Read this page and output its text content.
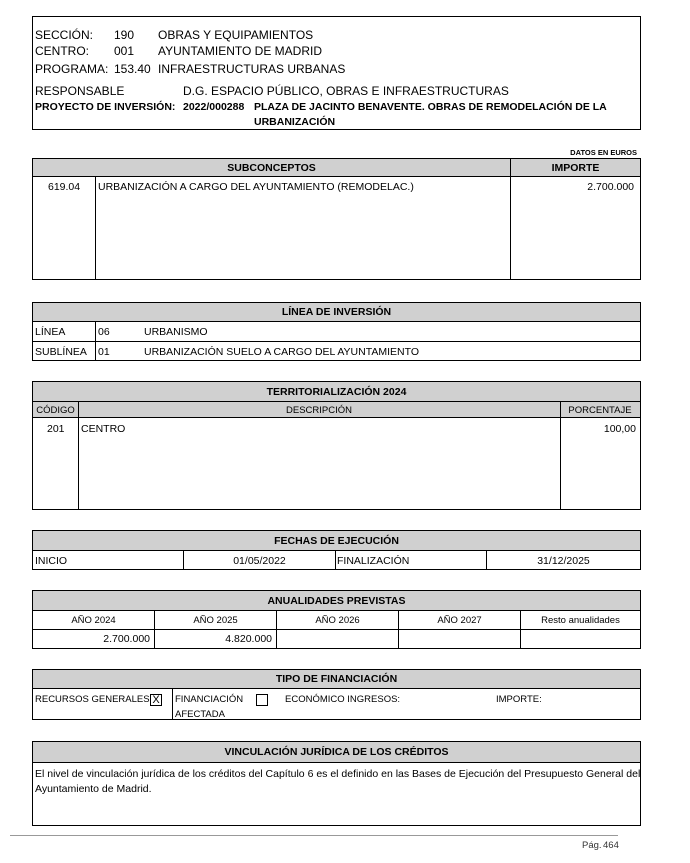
SECCIÓN: 190 OBRAS Y EQUIPAMIENTOS
CENTRO: 001 AYUNTAMIENTO DE MADRID
PROGRAMA: 153.40 INFRAESTRUCTURAS URBANAS
RESPONSABLE	D.G. ESPACIO PÚBLICO, OBRAS E INFRAESTRUCTURAS
PROYECTO DE INVERSIÓN: 2022/000288 PLAZA DE JACINTO BENAVENTE. OBRAS DE REMODELACIÓN DE LA
URBANIZACIÓN
DATOS EN EUROS
SUBCONCEPTOS	IMPORTE
619.04 URBANIZACIÓN A CARGO DEL AYUNTAMIENTO (REMODELAC.)	2.700.000
LÍNEA DE INVERSIÓN
LÍNEA	06	URBANISMO
SUBLÍNEA 01	URBANIZACIÓN SUELO A CARGO DEL AYUNTAMIENTO
TERRITORIALIZACIÓN 2024
CÓDIGO	DESCRIPCIÓN	PORCENTAJE
201 CENTRO	100,00
FECHAS DE EJECUCIÓN
INICIO	01/05/2022	FINALIZACIÓN	31/12/2025
ANUALIDADES PREVISTAS
AÑO 2024	AÑO 2025	AÑO 2026	AÑO 2027	Resto anualidades
2.700.000	4.820.000
TIPO DE FINANCIACIÓN
RECURSOS GENERALES X FINANCIACIÓN
AFECTADA
ECONÓMICO INGRESOS:	IMPORTE:
VINCULACIÓN JURÍDICA DE LOS CRÉDITOS
El nivel de vinculación jurídica de los créditos del Capítulo 6 es el definido en las Bases de Ejecución del Presupuesto General del
Ayuntamiento de Madrid.
Pág. 464
